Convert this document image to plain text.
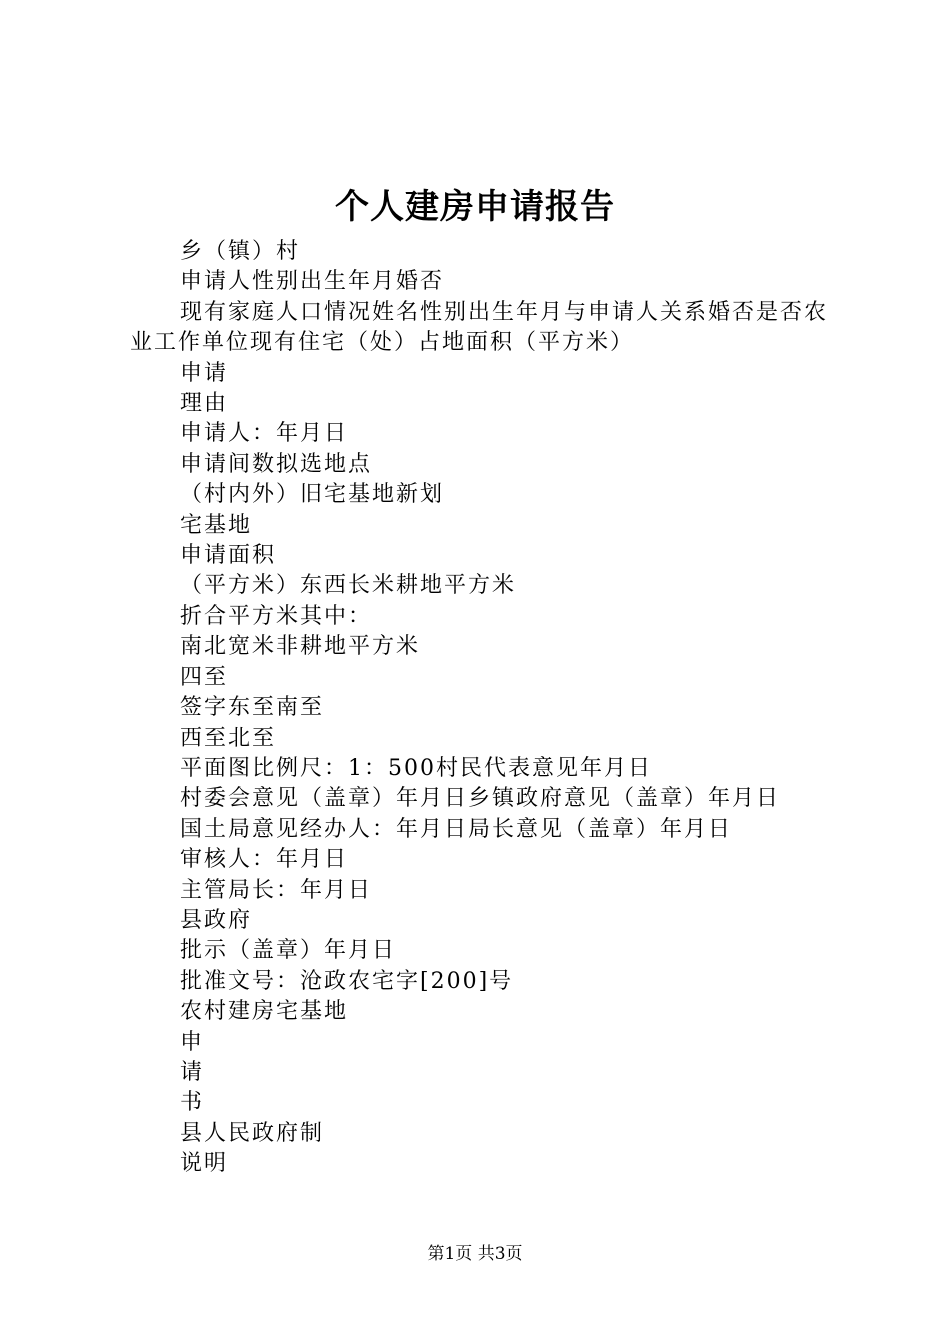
个人建房申请报告

乡（镇）村

申请人性别出生年月婚否

现有家庭人口情况姓名性别出生年月与申请人关系婚否是否农业工作单位现有住宅（处）占地面积（平方米）

申请

理由

申请人：年月日

申请间数拟选地点

（村内外）旧宅基地新划

宅基地

申请面积

（平方米）东西长米耕地平方米

折合平方米其中：

南北宽米非耕地平方米

四至

签字东至南至

西至北至

平面图比例尺：1：500村民代表意见年月日

村委会意见（盖章）年月日乡镇政府意见（盖章）年月日

国土局意见经办人：年月日局长意见（盖章）年月日

审核人：年月日

主管局长：年月日

县政府

批示（盖章）年月日

批准文号：沧政农宅字[200]号

农村建房宅基地

申

请

书

县人民政府制

说明

第1页 共3页
